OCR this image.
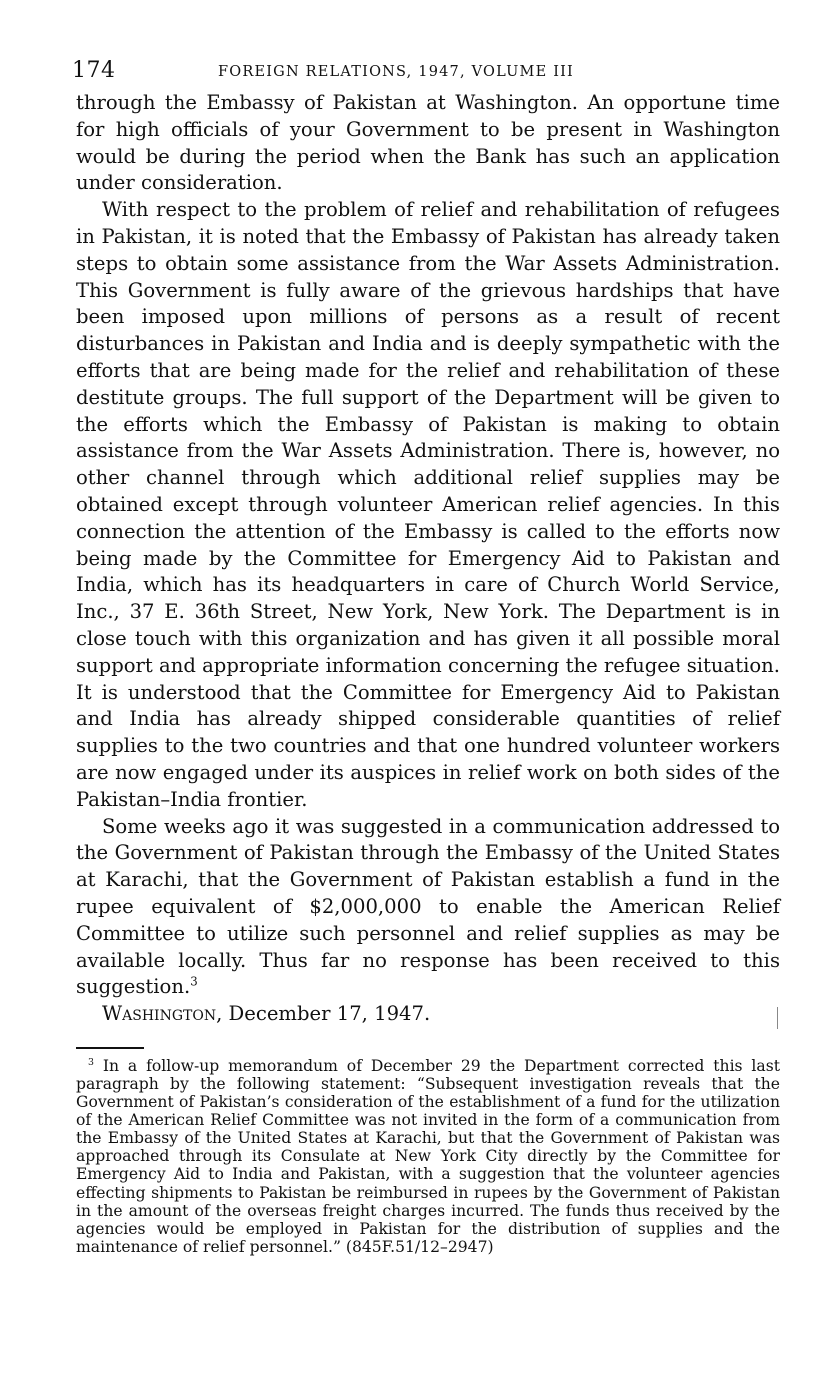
174	FOREIGN RELATIONS, 1947, VOLUME III

through the Embassy of Pakistan at Washington. An opportune time for high officials of your Government to be present in Washington would be during the period when the Bank has such an application under consideration.

With respect to the problem of relief and rehabilitation of refugees in Pakistan, it is noted that the Embassy of Pakistan has already taken steps to obtain some assistance from the War Assets Administration. This Government is fully aware of the grievous hardships that have been imposed upon millions of persons as a result of recent disturbances in Pakistan and India and is deeply sympathetic with the efforts that are being made for the relief and rehabilitation of these destitute groups. The full support of the Department will be given to the efforts which the Embassy of Pakistan is making to obtain assistance from the War Assets Administration. There is, however, no other channel through which additional relief supplies may be obtained except through volunteer American relief agencies. In this connection the attention of the Embassy is called to the efforts now being made by the Committee for Emergency Aid to Pakistan and India, which has its headquarters in care of Church World Service, Inc., 37 E. 36th Street, New York, New York. The Department is in close touch with this organization and has given it all possible moral support and appropriate information concerning the refugee situation. It is understood that the Committee for Emergency Aid to Pakistan and India has already shipped considerable quantities of relief supplies to the two countries and that one hundred volunteer workers are now engaged under its auspices in relief work on both sides of the Pakistan–India frontier.

Some weeks ago it was suggested in a communication addressed to the Government of Pakistan through the Embassy of the United States at Karachi, that the Government of Pakistan establish a fund in the rupee equivalent of $2,000,000 to enable the American Relief Committee to utilize such personnel and relief supplies as may be available locally. Thus far no response has been received to this suggestion.$^3$

Washington, December 17, 1947.

$^3$ In a follow-up memorandum of December 29 the Department corrected this last paragraph by the following statement: “Subsequent investigation reveals that the Government of Pakistan’s consideration of the establishment of a fund for the utilization of the American Relief Committee was not invited in the form of a communication from the Embassy of the United States at Karachi, but that the Government of Pakistan was approached through its Consulate at New York City directly by the Committee for Emergency Aid to India and Pakistan, with a suggestion that the volunteer agencies effecting shipments to Pakistan be reimbursed in rupees by the Government of Pakistan in the amount of the overseas freight charges incurred. The funds thus received by the agencies would be employed in Pakistan for the distribution of supplies and the maintenance of relief personnel.” (845F.51/12–2947)
